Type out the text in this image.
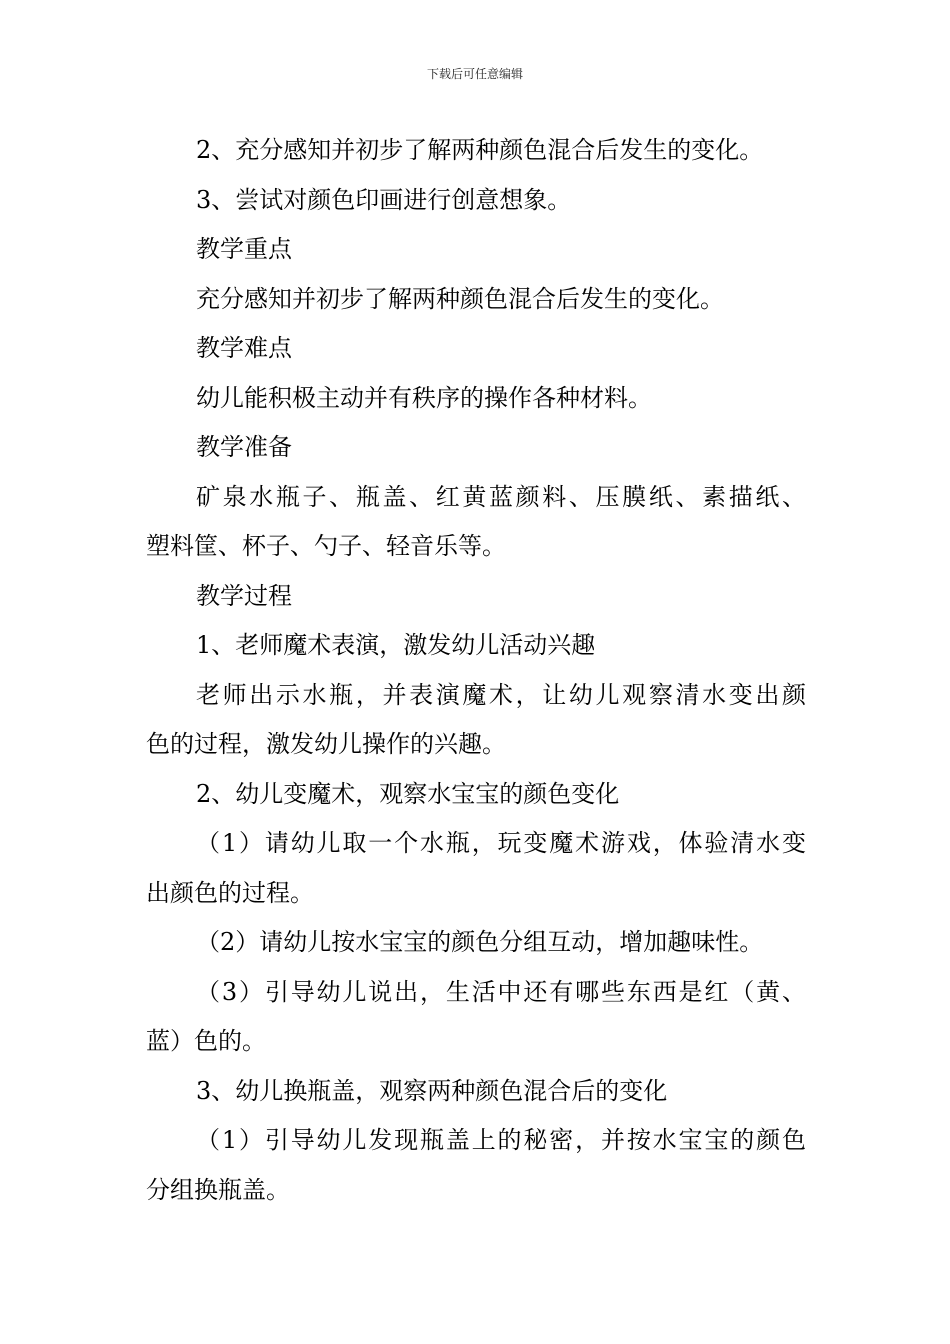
下载后可任意编辑
2、充分感知并初步了解两种颜色混合后发生的变化。
3、尝试对颜色印画进行创意想象。
教学重点
充分感知并初步了解两种颜色混合后发生的变化。
教学难点
幼儿能积极主动并有秩序的操作各种材料。
教学准备
矿泉水瓶子、瓶盖、红黄蓝颜料、压膜纸、素描纸、
塑料筐、杯子、勺子、轻音乐等。
教学过程
1、老师魔术表演，激发幼儿活动兴趣
老师出示水瓶，并表演魔术，让幼儿观察清水变出颜
色的过程，激发幼儿操作的兴趣。
2、幼儿变魔术，观察水宝宝的颜色变化
（1）请幼儿取一个水瓶，玩变魔术游戏，体验清水变
出颜色的过程。
（2）请幼儿按水宝宝的颜色分组互动，增加趣味性。
（3）引导幼儿说出，生活中还有哪些东西是红（黄、
蓝）色的。
3、幼儿换瓶盖，观察两种颜色混合后的变化
（1）引导幼儿发现瓶盖上的秘密，并按水宝宝的颜色
分组换瓶盖。
